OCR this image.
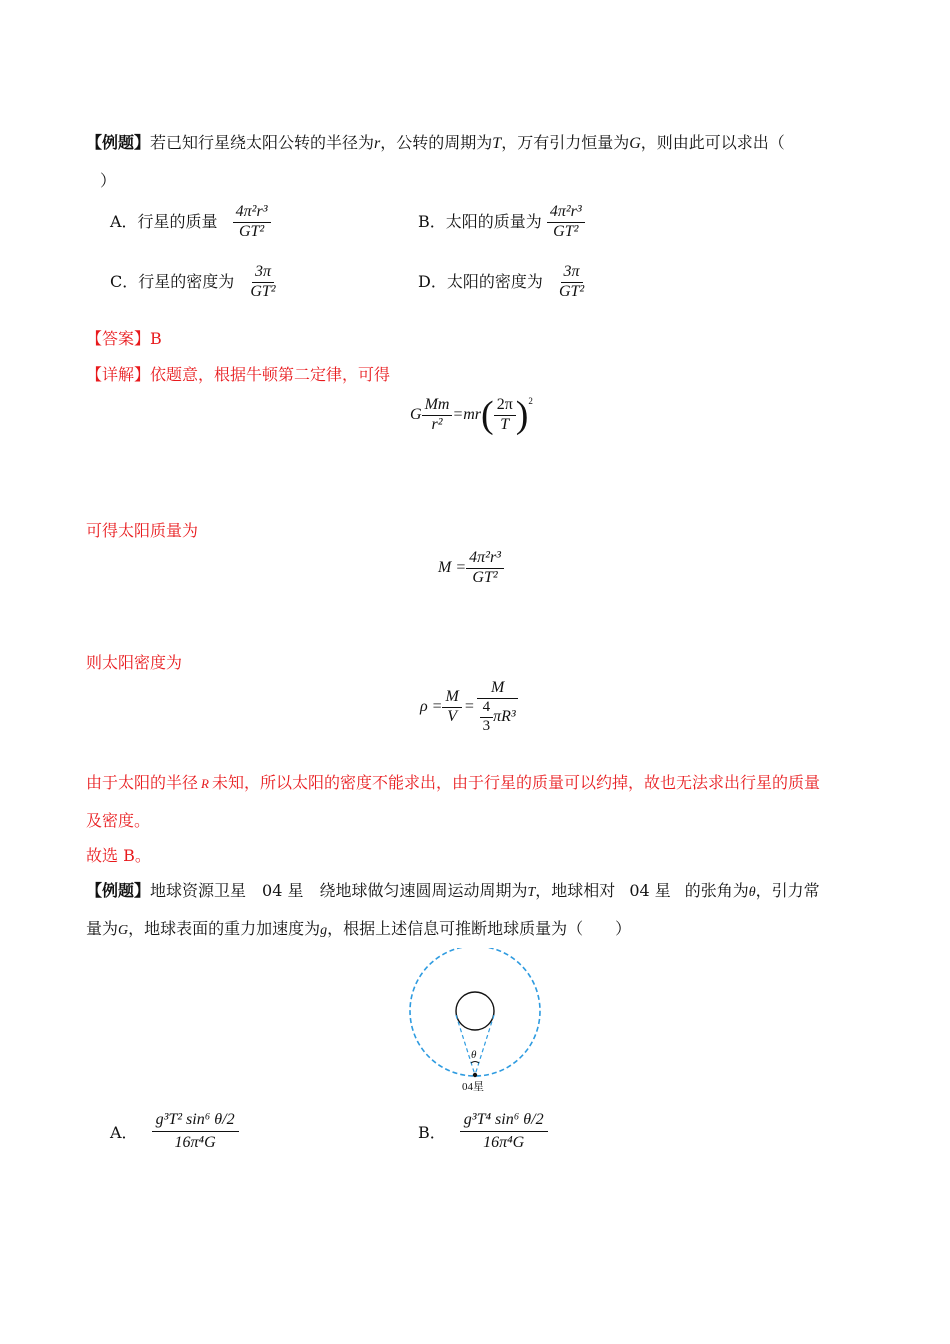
【例题】若已知行星绕太阳公转的半径为r，公转的周期为T，万有引力恒量为G，则由此可以求出（
）
A．行星的质量 $\frac{\text{4π²r³}}{\text{GT²}}$	B．太阳的质量为 $\frac{\text{4π²r³}}{\text{GT²}}$
C．行星的密度为 $\frac{3\pi}{\text{GT²}}$	D．太阳的密度为 $\frac{3\pi}{\text{GT²}}$
【答案】B
【详解】依题意，根据牛顿第二定律，可得
G $\frac{Mm}{\text{r²}} =mr$ ( $\frac{2\pi}{T} )^2$
可得太阳质量为
$M = \frac{\text{4π²r³}}{\text{GT²}}$
则太阳密度为
$\rho = \frac{M}{V} = \frac{M}{\frac{4}{3} \pi R^3}$
由于太阳的半径 R 未知，所以太阳的密度不能求出，由于行星的质量可以约掉，故也无法求出行星的质量
及密度。
故选 B。
【例题】地球资源卫星 04 星 绕地球做匀速圆周运动周期为T，地球相对 04 星 的张角为θ，引力常
量为G，地球表面的重力加速度为g，根据上述信息可推断地球质量为（　　）
θ
04星
A． $\frac{\text{g³T² sin⁶ θ/2}}{\text{16π⁴G}}$	B． $\frac{\text{g³T⁴ sin⁶ θ/2}}{\text{16π⁴G}}$
